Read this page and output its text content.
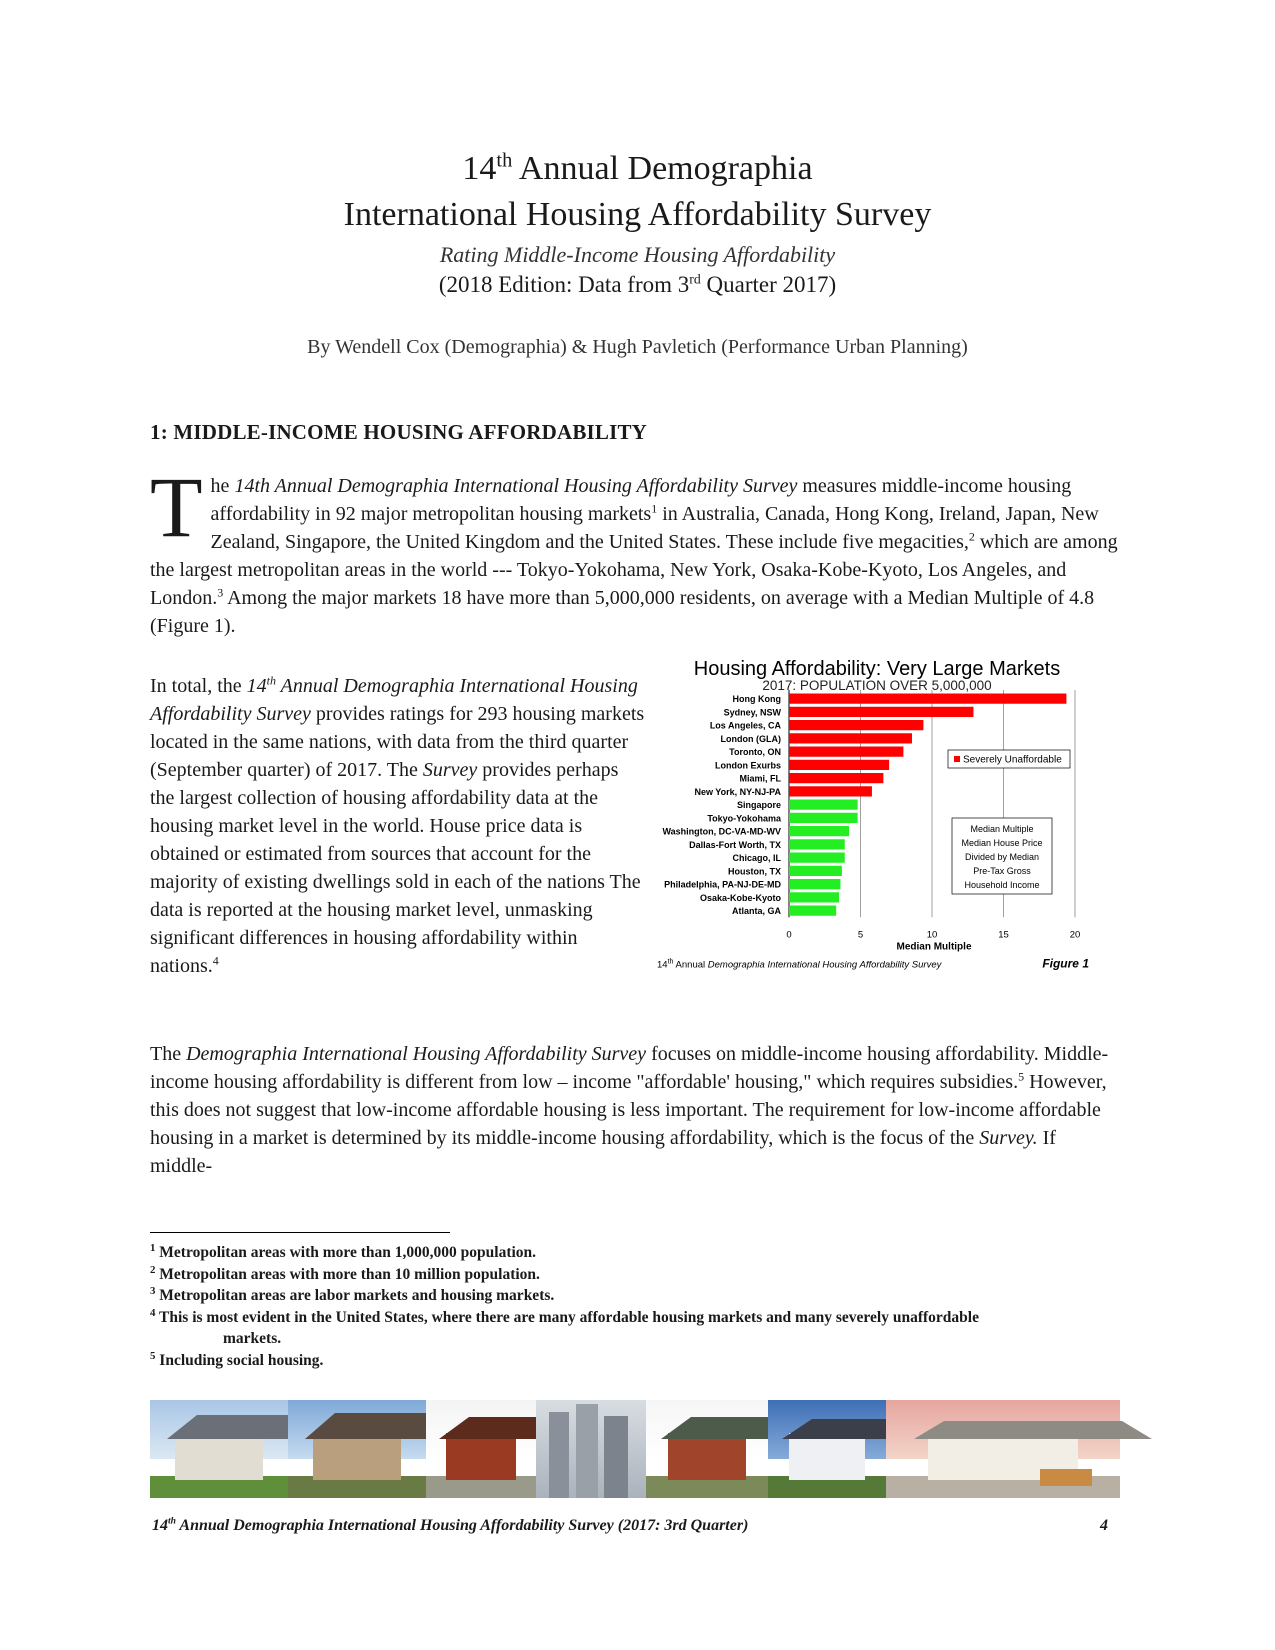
14th Annual Demographia
International Housing Affordability Survey
Rating Middle-Income Housing Affordability
(2018 Edition: Data from 3rd Quarter 2017)
By Wendell Cox (Demographia) & Hugh Pavletich (Performance Urban Planning)
1: MIDDLE-INCOME HOUSING AFFORDABILITY
The 14th Annual Demographia International Housing Affordability Survey measures middle-income housing affordability in 92 major metropolitan housing markets$^1$ in Australia, Canada, Hong Kong, Ireland, Japan, New Zealand, Singapore, the United Kingdom and the United States. These include five megacities,$^2$ which are among the largest metropolitan areas in the world --- Tokyo-Yokohama, New York, Osaka-Kobe-Kyoto, Los Angeles, and London.$^3$ Among the major markets 18 have more than 5,000,000 residents, on average with a Median Multiple of 4.8 (Figure 1).
In total, the 14th Annual Demographia International Housing Affordability Survey provides ratings for 293 housing markets located in the same nations, with data from the third quarter (September quarter) of 2017. The Survey provides perhaps the largest collection of housing affordability data at the housing market level in the world. House price data is obtained or estimated from sources that account for the majority of existing dwellings sold in each of the nations The data is reported at the housing market level, unmasking significant differences in housing affordability within nations.$^4$
Housing Affordability: Very Large Markets
2017: POPULATION OVER 5,000,000
Hong Kong
Sydney, NSW
Los Angeles, CA
London (GLA)
Toronto, ON
London Exurbs
Miami, FL
New York, NY-NJ-PA
Singapore
Tokyo-Yokohama
Washington, DC-VA-MD-WV
Dallas-Fort Worth, TX
Chicago, IL
Houston, TX
Philadelphia, PA-NJ-DE-MD
Osaka-Kobe-Kyoto
Atlanta, GA
0	5	10	15	20
Median Multiple
Severely Unaffordable
Median Multiple
Median House Price
Divided by Median
Pre-Tax Gross
Household Income
14th Annual Demographia International Housing Affordability Survey	Figure 1
The Demographia International Housing Affordability Survey focuses on middle-income housing affordability. Middle-income housing affordability is different from low – income "affordable' housing," which requires subsidies.$^5$ However, this does not suggest that low-income affordable housing is less important. The requirement for low-income affordable housing in a market is determined by its middle-income housing affordability, which is the focus of the Survey. If middle-

$^1$ Metropolitan areas with more than 1,000,000 population.

$^2$ Metropolitan areas with more than 10 million population.

$^3$ Metropolitan areas are labor markets and housing markets.

$^4$ This is most evident in the United States, where there are many affordable housing markets and many severely unaffordable

markets.

$^5$ Including social housing.

14th Annual Demographia International Housing Affordability Survey (2017: 3rd Quarter)	4
